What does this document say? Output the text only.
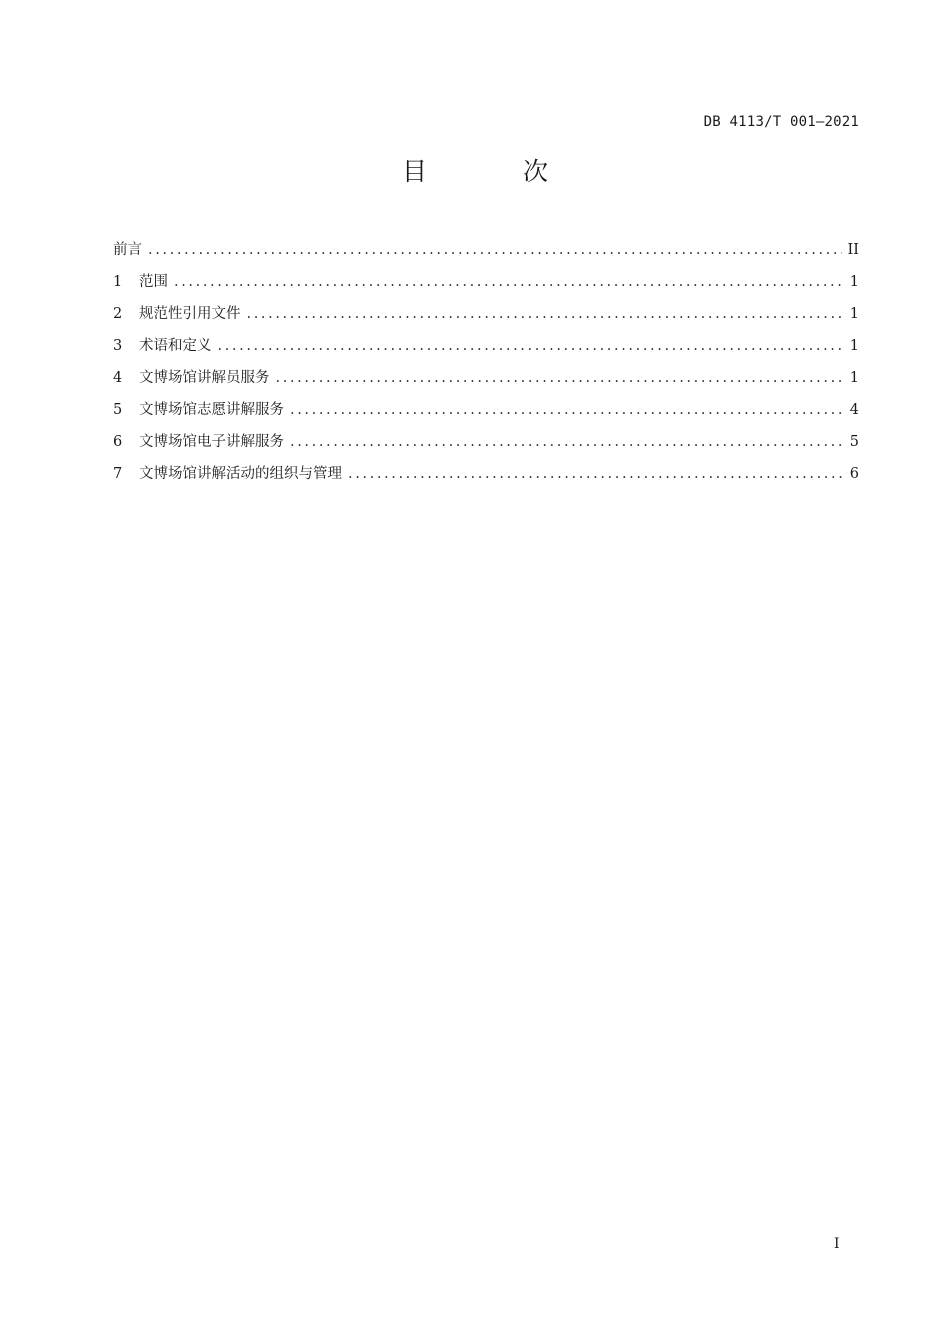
DB 4113/T 001—2021
目 次
前言 .....	II
1	范围 .....	1
2	规范性引用文件 .....	1
3	术语和定义 .....	1
4	文博场馆讲解员服务 .....	1
5	文博场馆志愿讲解服务 .....	4
6	文博场馆电子讲解服务 .....	5
7	文博场馆讲解活动的组织与管理 .....	6
I
